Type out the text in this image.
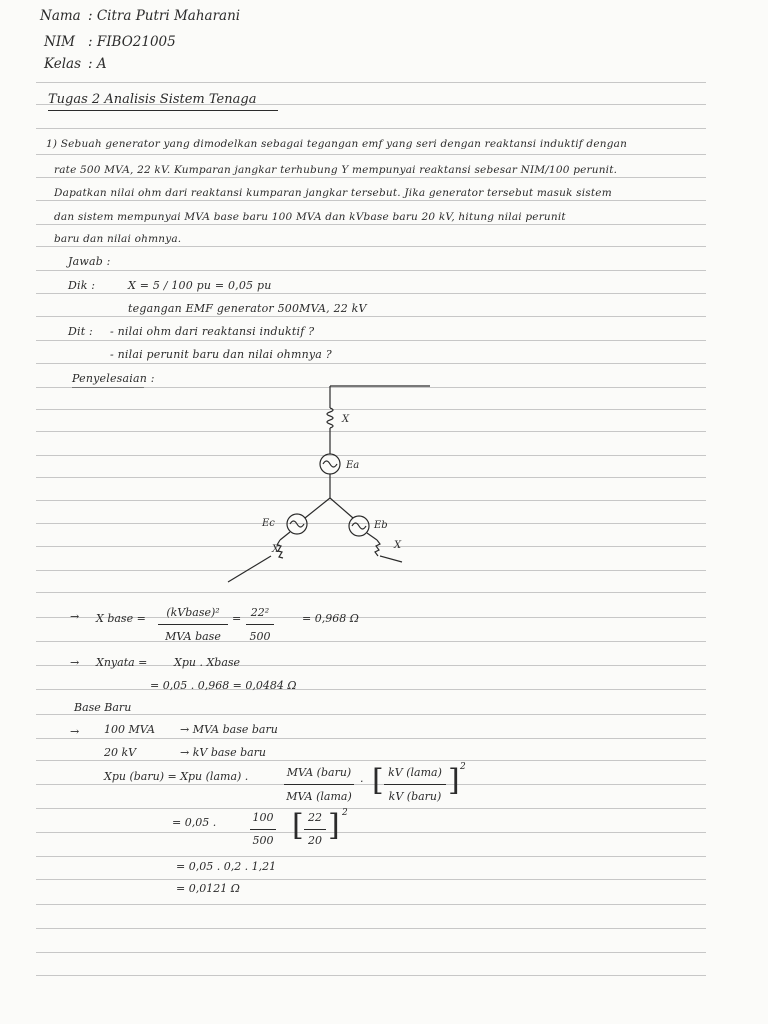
Nama : Citra Putri Maharani
NIM : FIBO21005
Kelas : A
Tugas 2 Analisis Sistem Tenaga
1) Sebuah generator yang dimodelkan sebagai tegangan emf yang seri dengan reaktansi induktif dengan
rate 500 MVA, 22 kV. Kumparan jangkar terhubung Y mempunyai reaktansi sebesar NIM/100 perunit.
Dapatkan nilai ohm dari reaktansi kumparan jangkar tersebut. Jika generator tersebut masuk sistem
dan sistem mempunyai MVA base baru 100 MVA dan kVbase baru 20 kV, hitung nilai perunit
baru dan nilai ohmnya.
Jawab :
Dik :	X = 5 / 100 pu = 0,05 pu
tegangan EMF generator 500MVA, 22 kV
Dit : - nilai ohm dari reaktansi induktif ?
- nilai perunit baru dan nilai ohmnya ?
Penyelesaian :
X
Ea
Ec	Eb
X	X
→ X base =	(kVbase)²
MVA base
= 22²
500
= 0,968 Ω
→ Xnyata = Xpu . Xbase
= 0,05 . 0,968 = 0,0484 Ω
Base Baru
→ 100 MVA → MVA base baru
20 kV	→ kV base baru
Xpu (baru) = Xpu (lama) .	MVA (baru)
MVA (lama)
. [ kV (lama)
kV (baru) ] 2
= 0,05 .	100
500 [ 22
20 ] 2
= 0,05 . 0,2 . 1,21
= 0,0121 Ω
